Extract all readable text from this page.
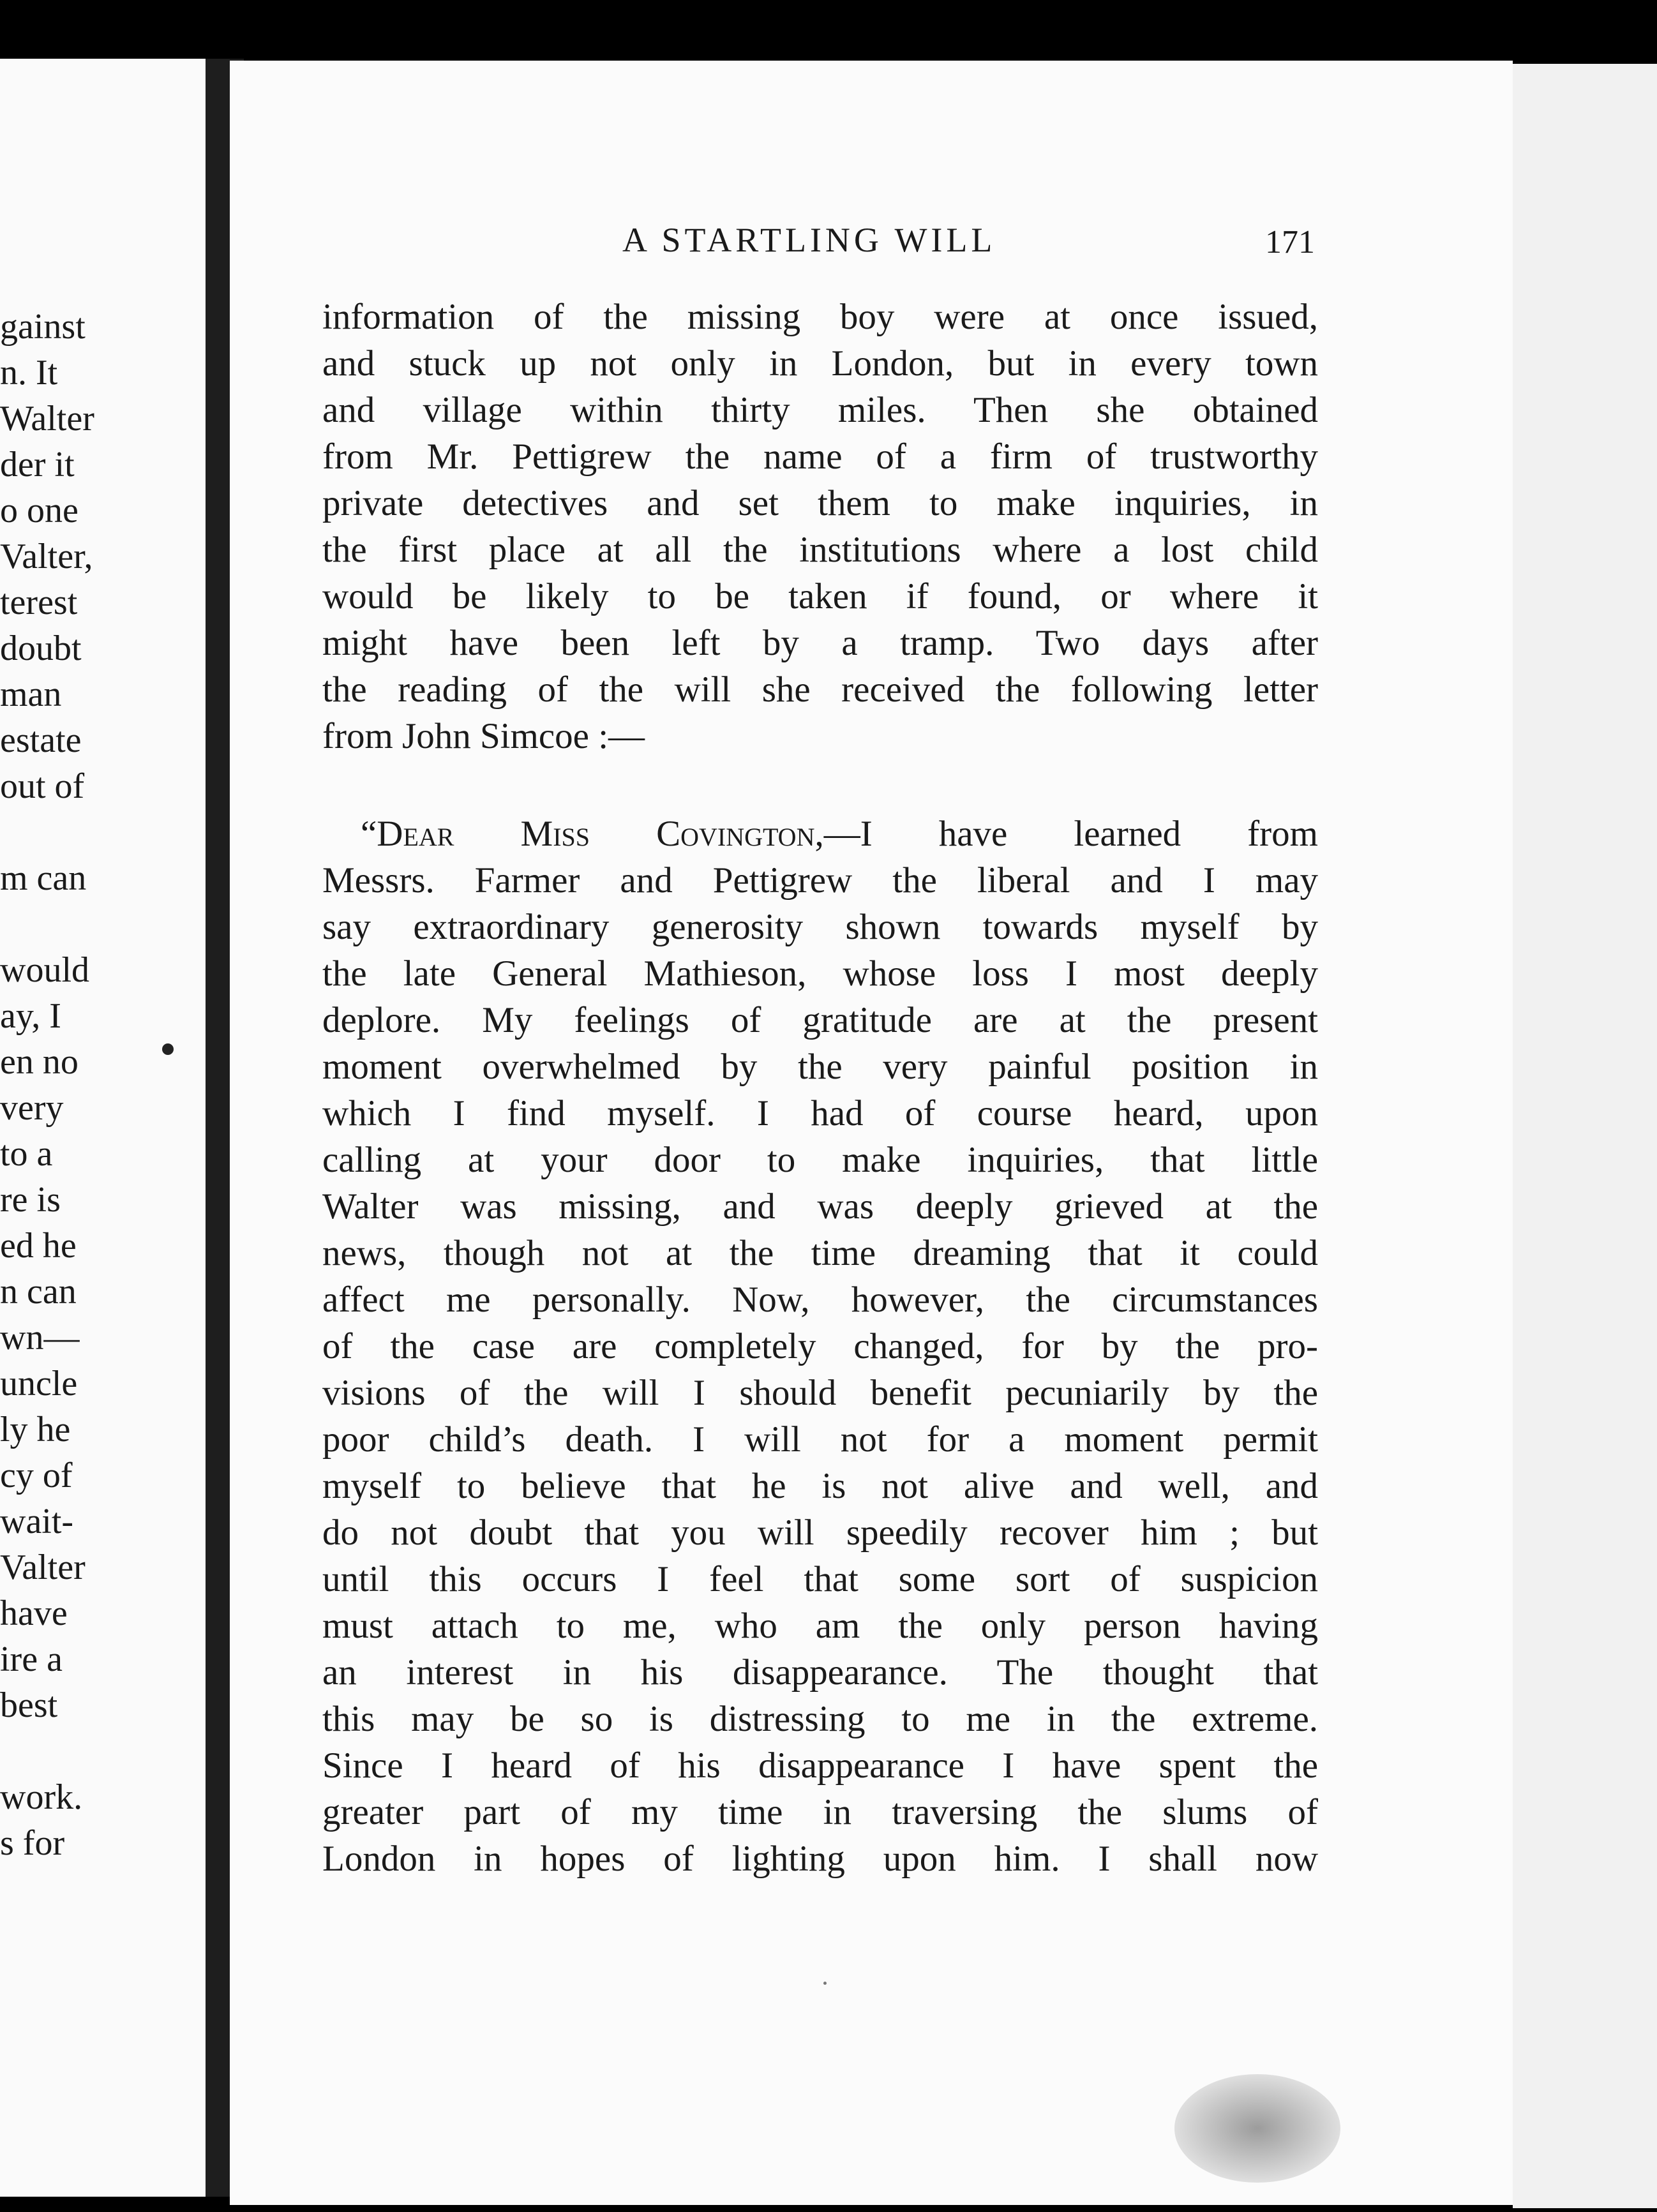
gainst

n. It

Walter

der it

o one

Valter,

terest

doubt

man

estate

out of

m can

would

ay, I

en no

very

to a

re is

ed he

n can

wn—

uncle

ly he

cy of

wait-

Valter

have

ire a

best

work.

s for

A STARTLING WILL	171

information of the missing boy were at once issued,

and stuck up not only in London, but in every town

and village within thirty miles. Then she obtained

from Mr. Pettigrew the name of a firm of trustworthy

private detectives and set them to make inquiries, in

the first place at all the institutions where a lost child

would be likely to be taken if found, or where it

might have been left by a tramp. Two days after

the reading of the will she received the following letter

from John Simcoe :—

“Dear Miss Covington,—I have learned from

Messrs. Farmer and Pettigrew the liberal and I may

say extraordinary generosity shown towards myself by

the late General Mathieson, whose loss I most deeply

deplore. My feelings of gratitude are at the present

moment overwhelmed by the very painful position in

which I find myself. I had of course heard, upon

calling at your door to make inquiries, that little

Walter was missing, and was deeply grieved at the

news, though not at the time dreaming that it could

affect me personally. Now, however, the circumstances

of the case are completely changed, for by the pro-

visions of the will I should benefit pecuniarily by the

poor child’s death. I will not for a moment permit

myself to believe that he is not alive and well, and

do not doubt that you will speedily recover him ; but

until this occurs I feel that some sort of suspicion

must attach to me, who am the only person having

an interest in his disappearance. The thought that

this may be so is distressing to me in the extreme.

Since I heard of his disappearance I have spent the

greater part of my time in traversing the slums of

London in hopes of lighting upon him. I shall now
